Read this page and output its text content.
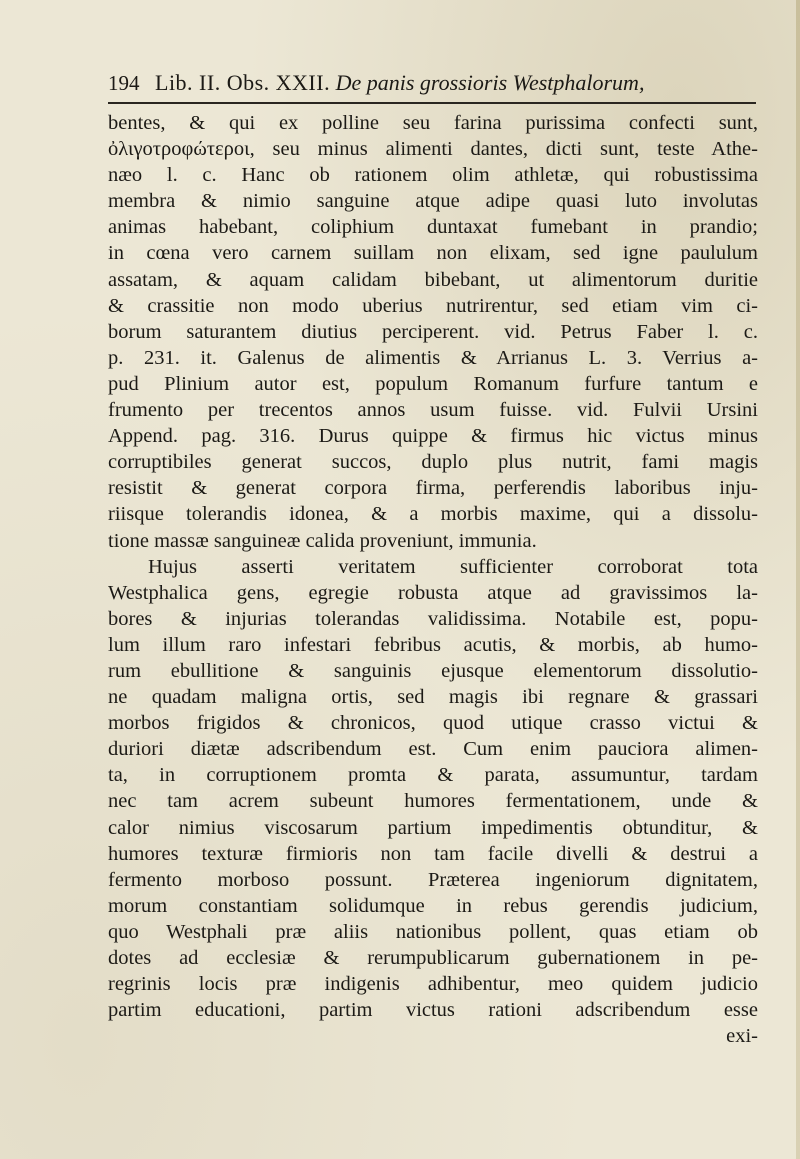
194 Lib. II. Obs. XXII. De panis grossioris Westphalorum,
bentes, & qui ex polline seu farina purissima confecti sunt,
ὀλιγοτροφώτεροι, seu minus alimenti dantes, dicti sunt, teste Athe-
næo l. c. Hanc ob rationem olim athletæ, qui robustissima
membra & nimio sanguine atque adipe quasi luto involutas
animas habebant, coliphium duntaxat fumebant in prandio;
in cœna vero carnem suillam non elixam, sed igne paululum
assatam, & aquam calidam bibebant, ut alimentorum duritie
& crassitie non modo uberius nutrirentur, sed etiam vim ci-
borum saturantem diutius perciperent. vid. Petrus Faber l. c.
p. 231. it. Galenus de alimentis & Arrianus L. 3. Verrius a-
pud Plinium autor est, populum Romanum furfure tantum e
frumento per trecentos annos usum fuisse. vid. Fulvii Ursini
Append. pag. 316. Durus quippe & firmus hic victus minus
corruptibiles generat succos, duplo plus nutrit, fami magis
resistit & generat corpora firma, perferendis laboribus inju-
riisque tolerandis idonea, & a morbis maxime, qui a dissolu-
tione massæ sanguineæ calida proveniunt, immunia.
Hujus asserti veritatem sufficienter corroborat tota
Westphalica gens, egregie robusta atque ad gravissimos la-
bores & injurias tolerandas validissima. Notabile est, popu-
lum illum raro infestari febribus acutis, & morbis, ab humo-
rum ebullitione & sanguinis ejusque elementorum dissolutio-
ne quadam maligna ortis, sed magis ibi regnare & grassari
morbos frigidos & chronicos, quod utique crasso victui &
duriori diætæ adscribendum est. Cum enim pauciora alimen-
ta, in corruptionem promta & parata, assumuntur, tardam
nec tam acrem subeunt humores fermentationem, unde &
calor nimius viscosarum partium impedimentis obtunditur, &
humores texturæ firmioris non tam facile divelli & destrui a
fermento morboso possunt. Præterea ingeniorum dignitatem,
morum constantiam solidumque in rebus gerendis judicium,
quo Westphali præ aliis nationibus pollent, quas etiam ob
dotes ad ecclesiæ & rerumpublicarum gubernationem in pe-
regrinis locis præ indigenis adhibentur, meo quidem judicio
partim educationi, partim victus rationi adscribendum esse
exi-
